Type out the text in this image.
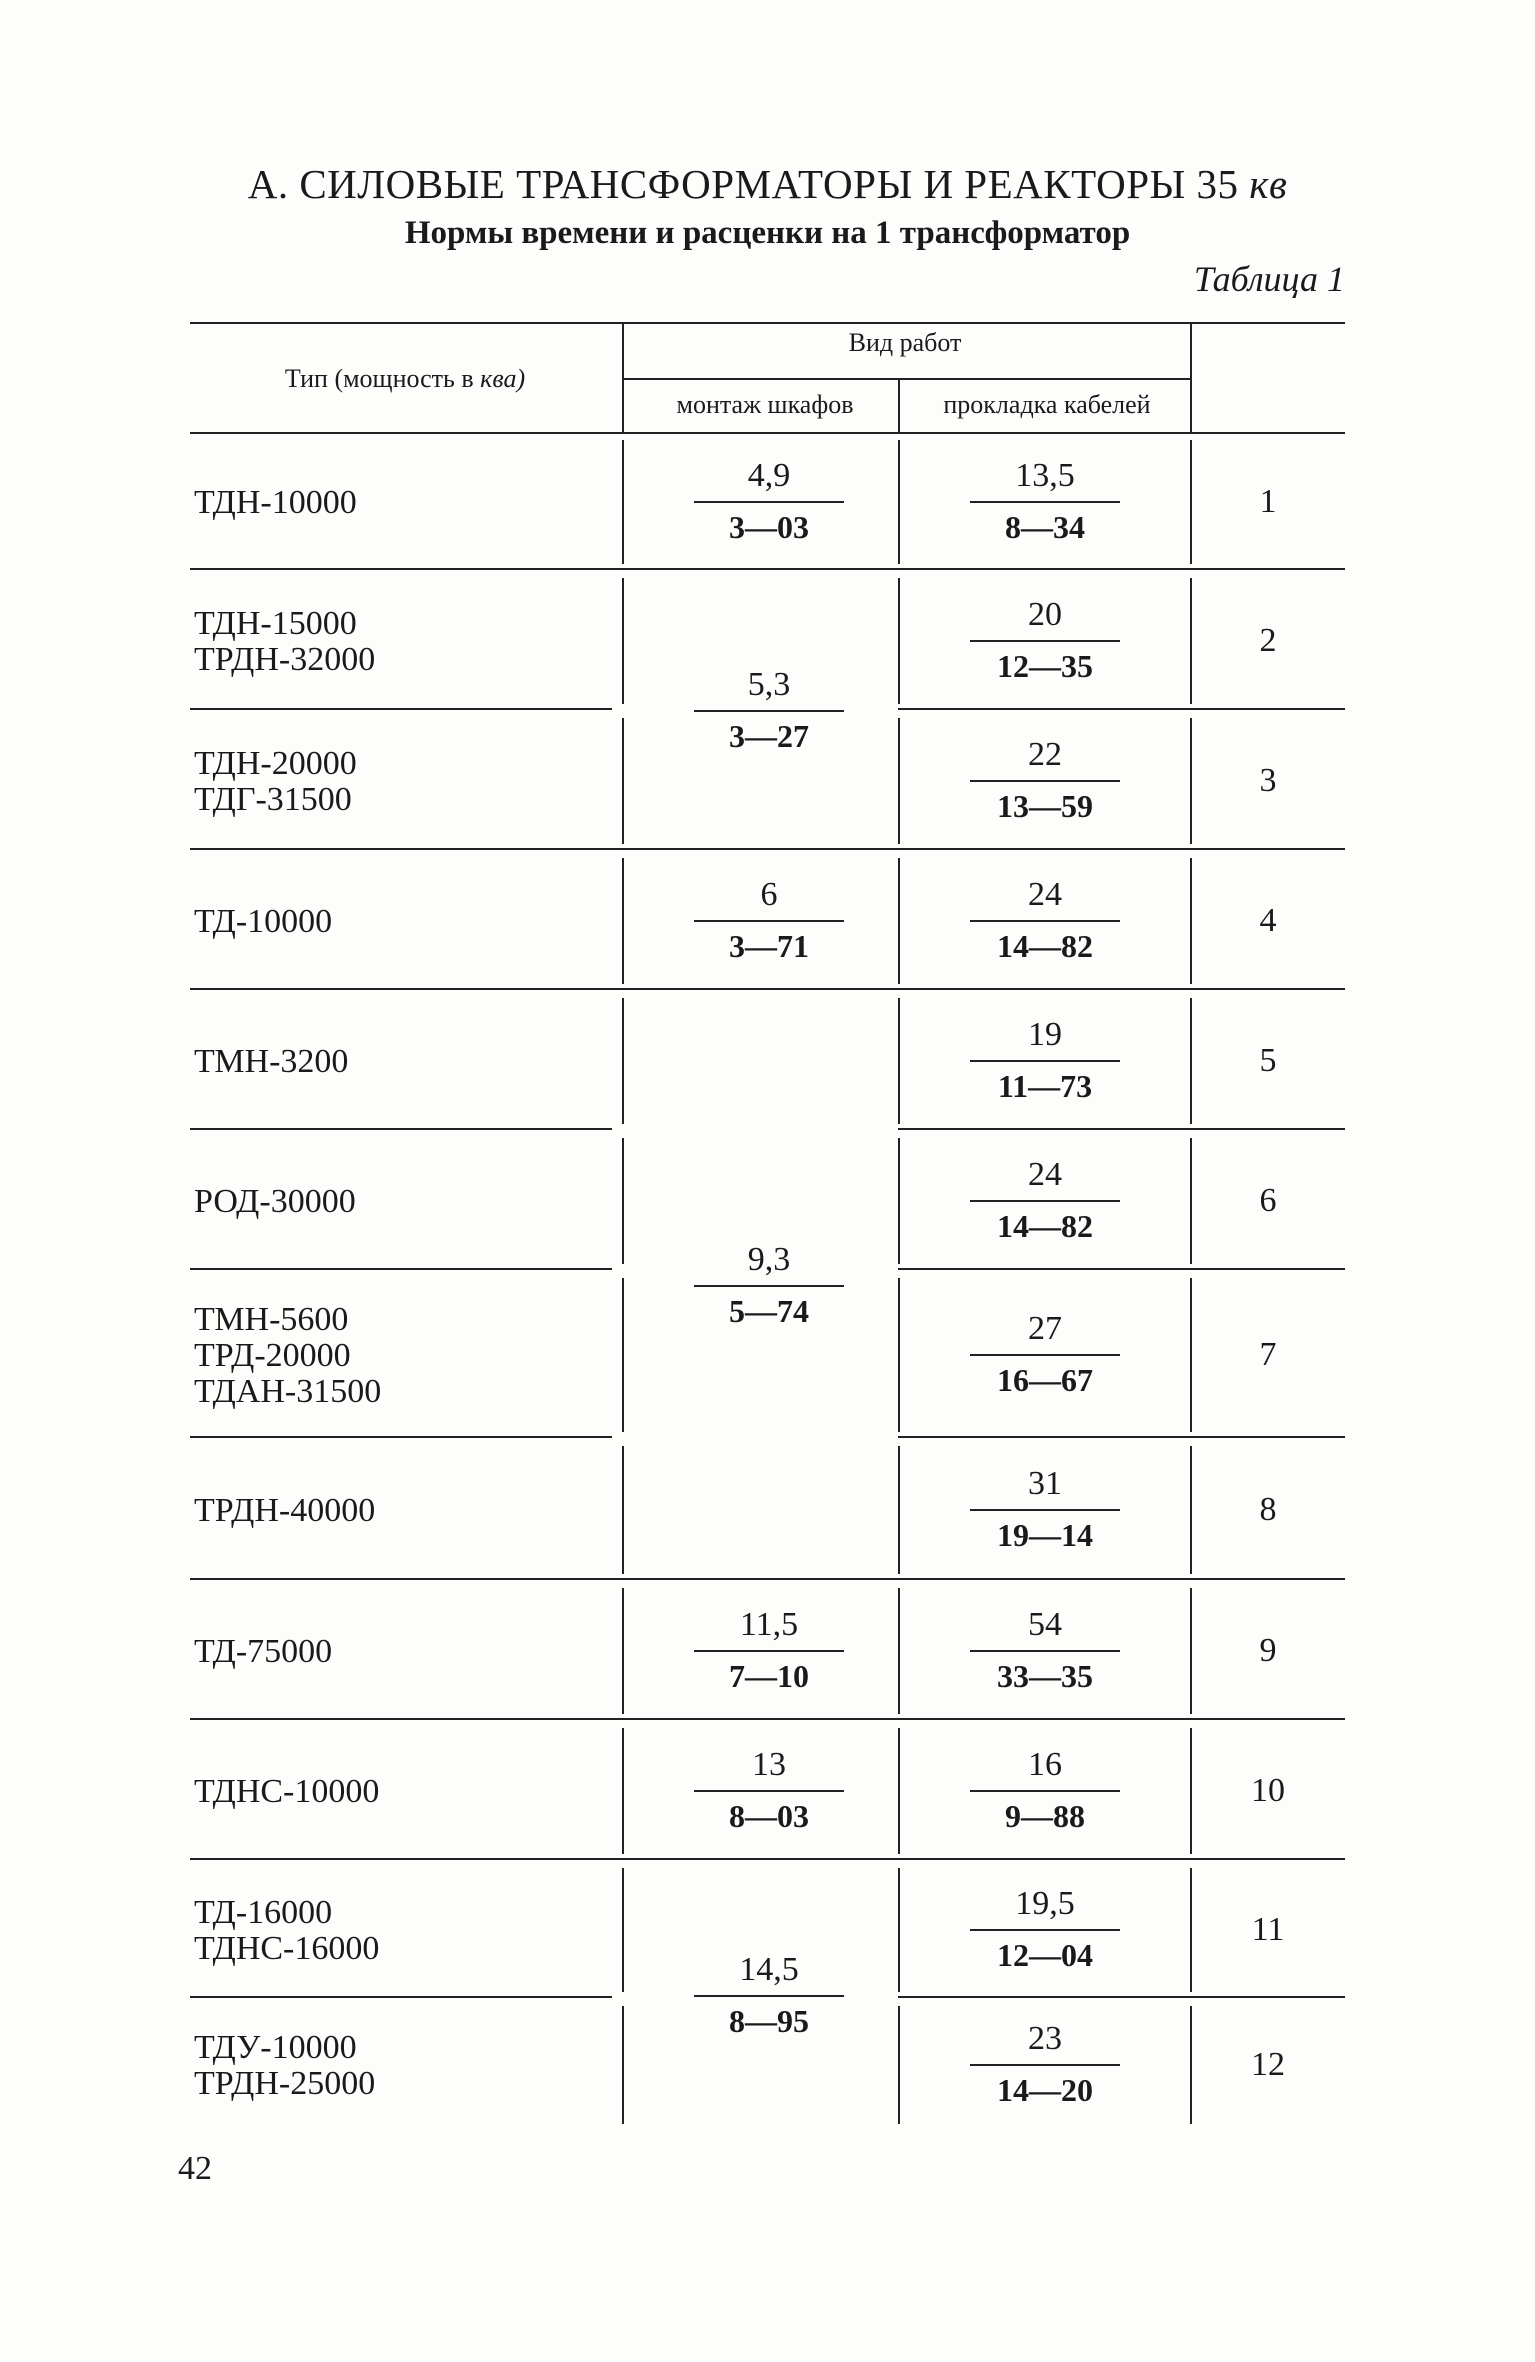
А. СИЛОВЫЕ ТРАНСФОРМАТОРЫ И РЕАКТОРЫ 35 кв
Нормы времени и расценки на 1 трансформатор
Таблица 1
Тип (мощность в ква)
Вид работ
монтаж шкафов	прокладка кабелей
ТДН-10000
13,5
8—34
1
ТДН-15000
ТРДН-32000
20
12—35
2
ТДН-20000
ТДГ-31500
22
13—59
3
ТД-10000
24
14—82
4
ТМН-3200
19
11—73
5
РОД-30000
24
14—82
6
ТМН-5600
ТРД-20000
ТДАН-31500
27
16—67
7
ТРДН-40000
31
19—14
8
ТД-75000
54
33—35
9
ТДНС-10000
16
9—88
10
ТД-16000
ТДНС-16000
19,5
12—04
11
ТДУ-10000
ТРДН-25000
23
14—20
12
4,9
3—03
5,3
3—27
6
3—71
9,3
5—74
11,5
7—10
13
8—03
14,5
8—95
42
